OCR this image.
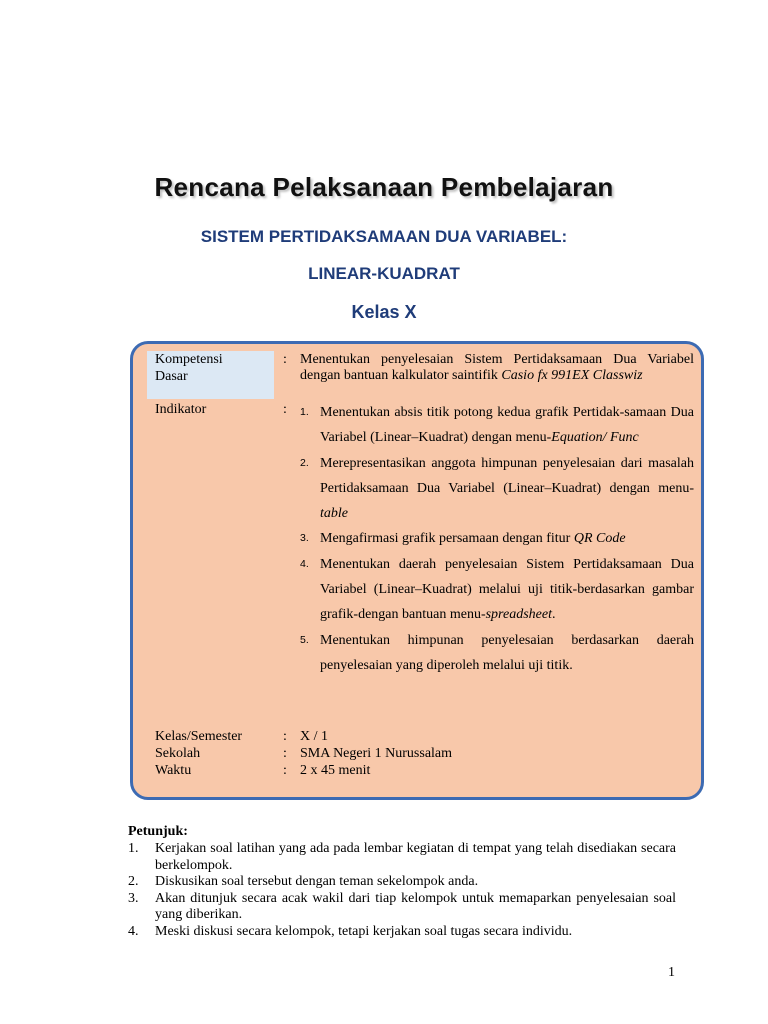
Rencana Pelaksanaan Pembelajaran
SISTEM PERTIDAKSAMAAN DUA VARIABEL:
LINEAR-KUADRAT
Kelas X
Kompetensi
Dasar
: Menentukan penyelesaian Sistem Pertidaksamaan Dua Variabel dengan bantuan kalkulator saintifik Casio fx 991EX Classwiz
Indikator	: 1. Menentukan absis titik potong kedua grafik Pertidak-samaan Dua Variabel (Linear–Kuadrat) dengan menu-Equation/ Func
2. Merepresentasikan anggota himpunan penyelesaian dari masalah Pertidaksamaan Dua Variabel (Linear–Kuadrat) dengan menu-table
3. Mengafirmasi grafik persamaan dengan fitur QR Code
4. Menentukan daerah penyelesaian Sistem Pertidaksamaan Dua Variabel (Linear–Kuadrat) melalui uji titik-berdasarkan gambar grafik-dengan bantuan menu-spreadsheet.
5. Menentukan himpunan penyelesaian berdasarkan daerah penyelesaian yang diperoleh melalui uji titik.
Kelas/Semester	: X / 1
Sekolah	: SMA Negeri 1 Nurussalam
Waktu	: 2 x 45 menit
Petunjuk:
1. Kerjakan soal latihan yang ada pada lembar kegiatan di tempat yang telah disediakan secara berkelompok.
2. Diskusikan soal tersebut dengan teman sekelompok anda.
3. Akan ditunjuk secara acak wakil dari tiap kelompok untuk memaparkan penyelesaian soal yang diberikan.
4. Meski diskusi secara kelompok, tetapi kerjakan soal tugas secara individu.
1
